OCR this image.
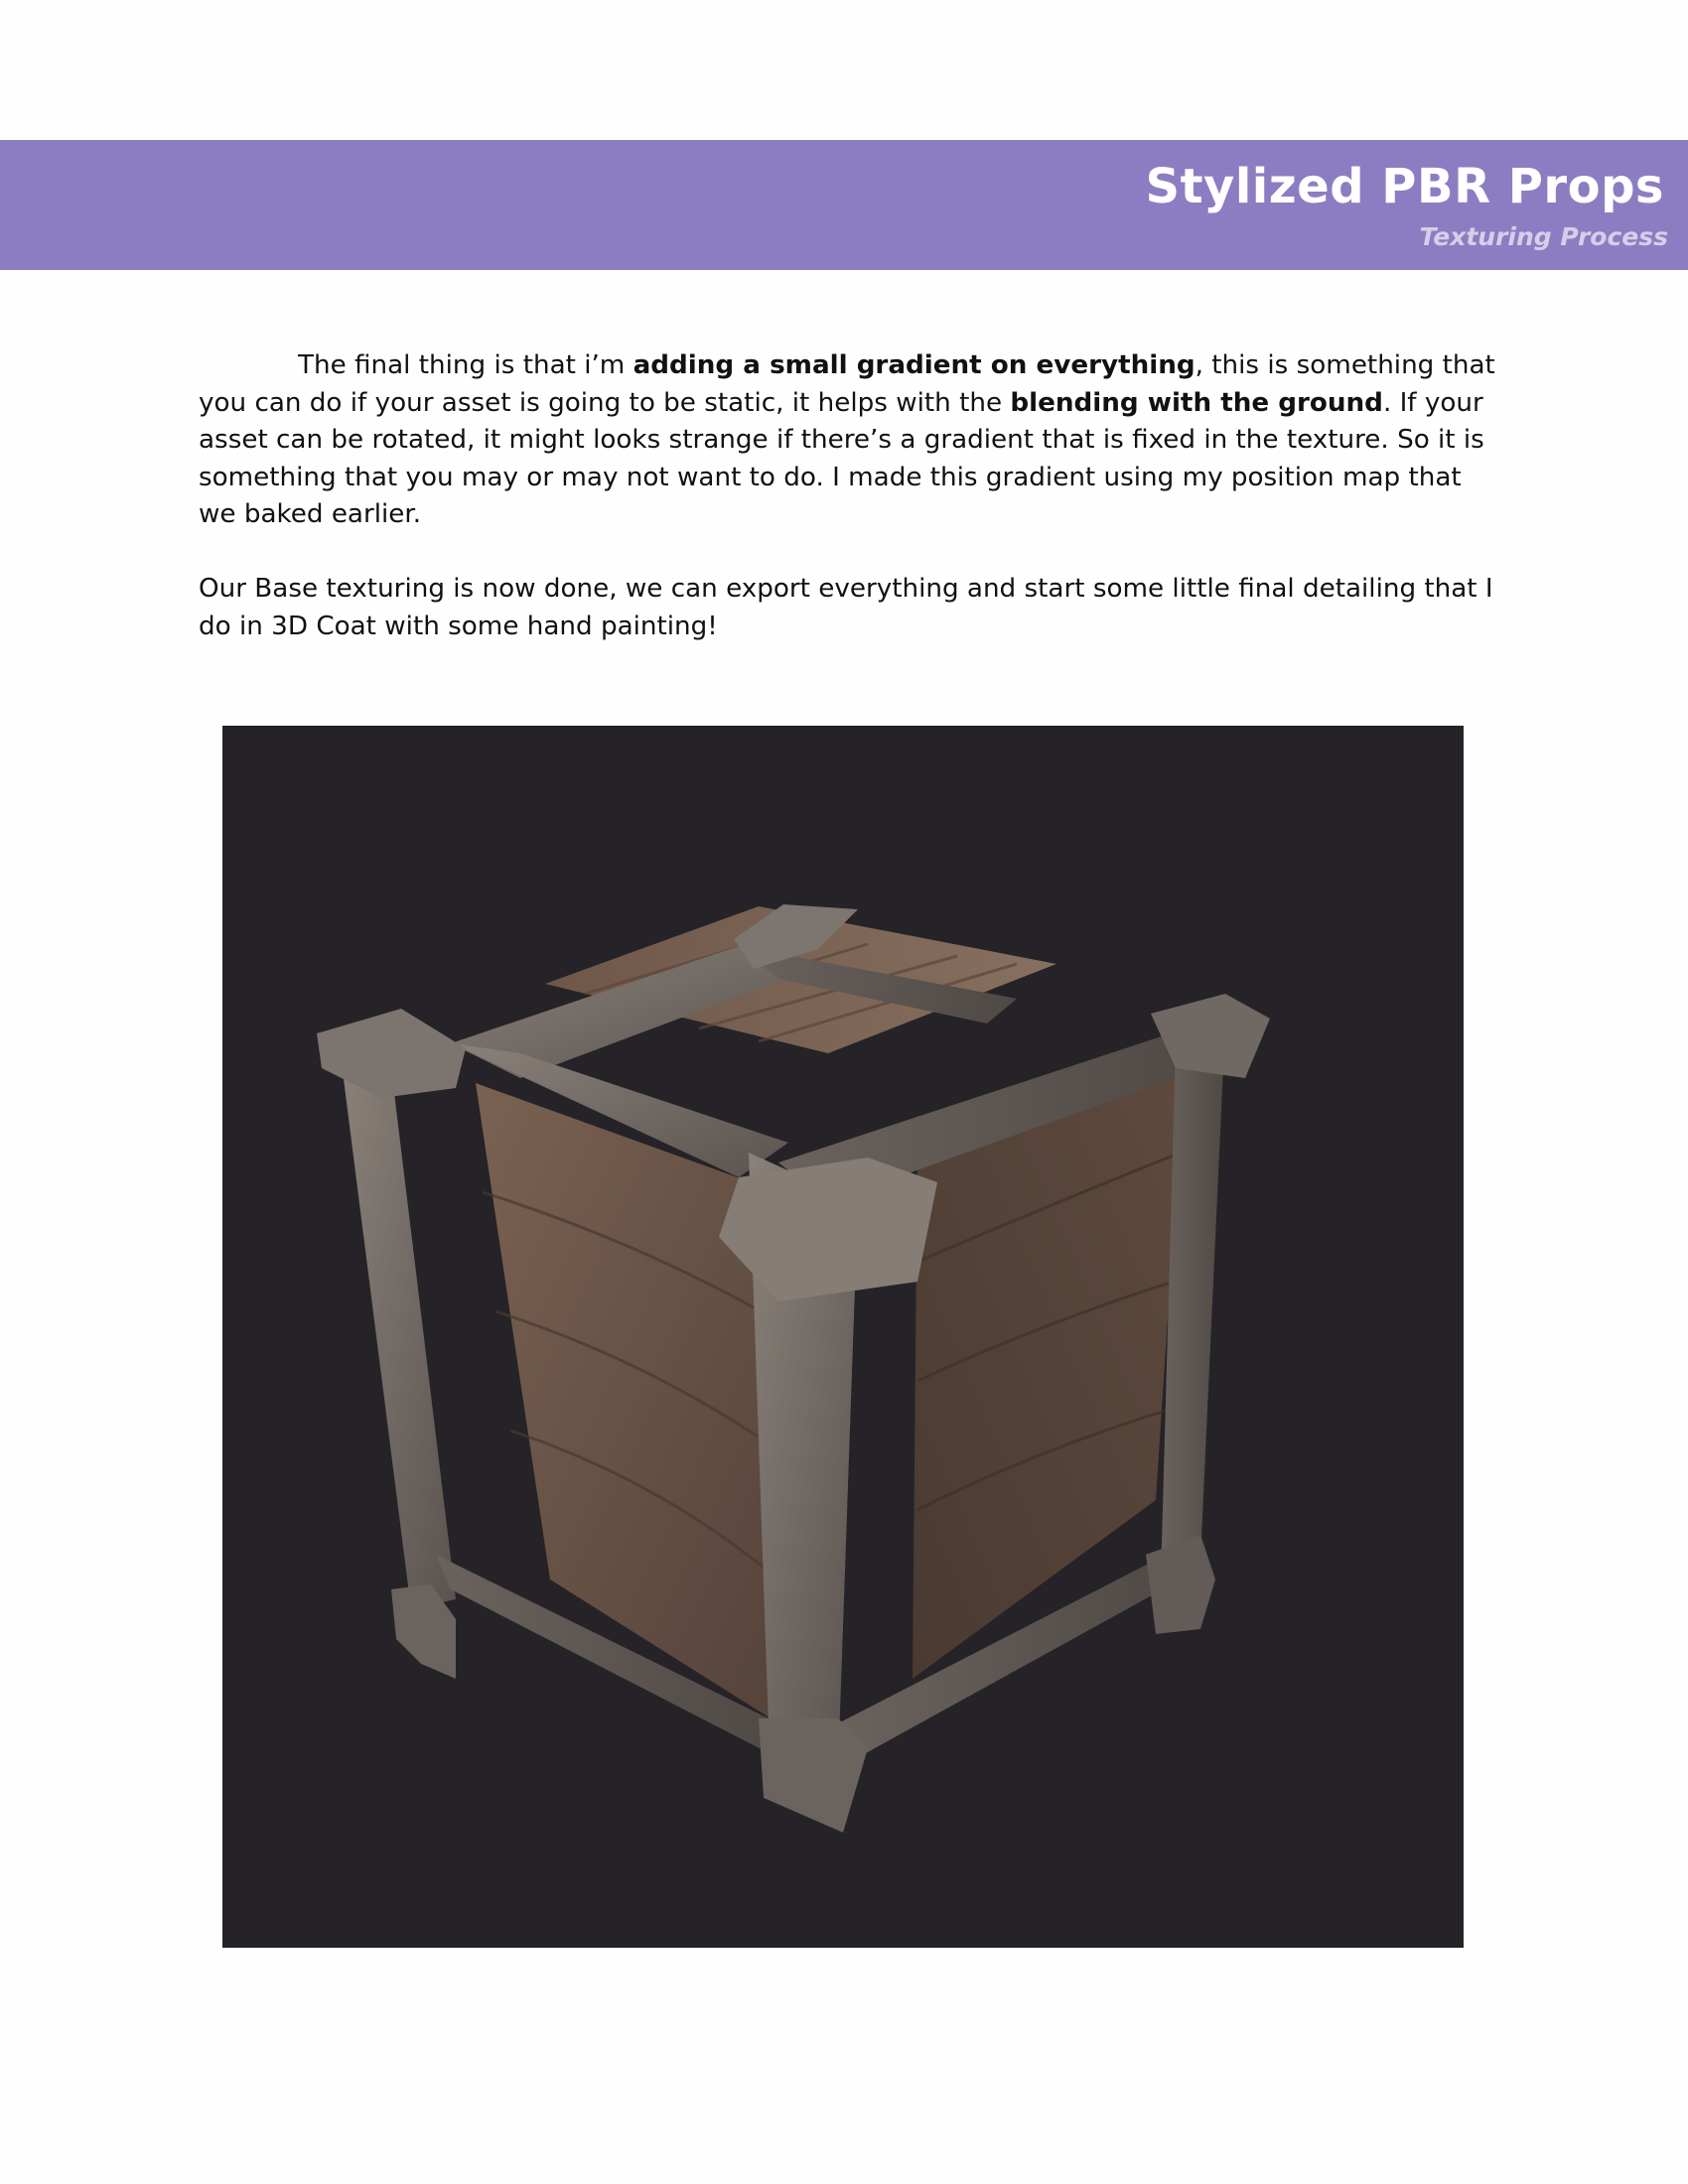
Stylized PBR Props
Texturing Process

The final thing is that i’m adding a small gradient on everything, this is something that you can do if your asset is going to be static, it helps with the blending with the ground. If your asset can be rotated, it might looks strange if there’s a gradient that is fixed in the texture. So it is something that you may or may not want to do. I made this gradient using my position map that we baked earlier.

Our Base texturing is now done, we can export everything and start some little final detailing that I do in 3D Coat with some hand painting!
